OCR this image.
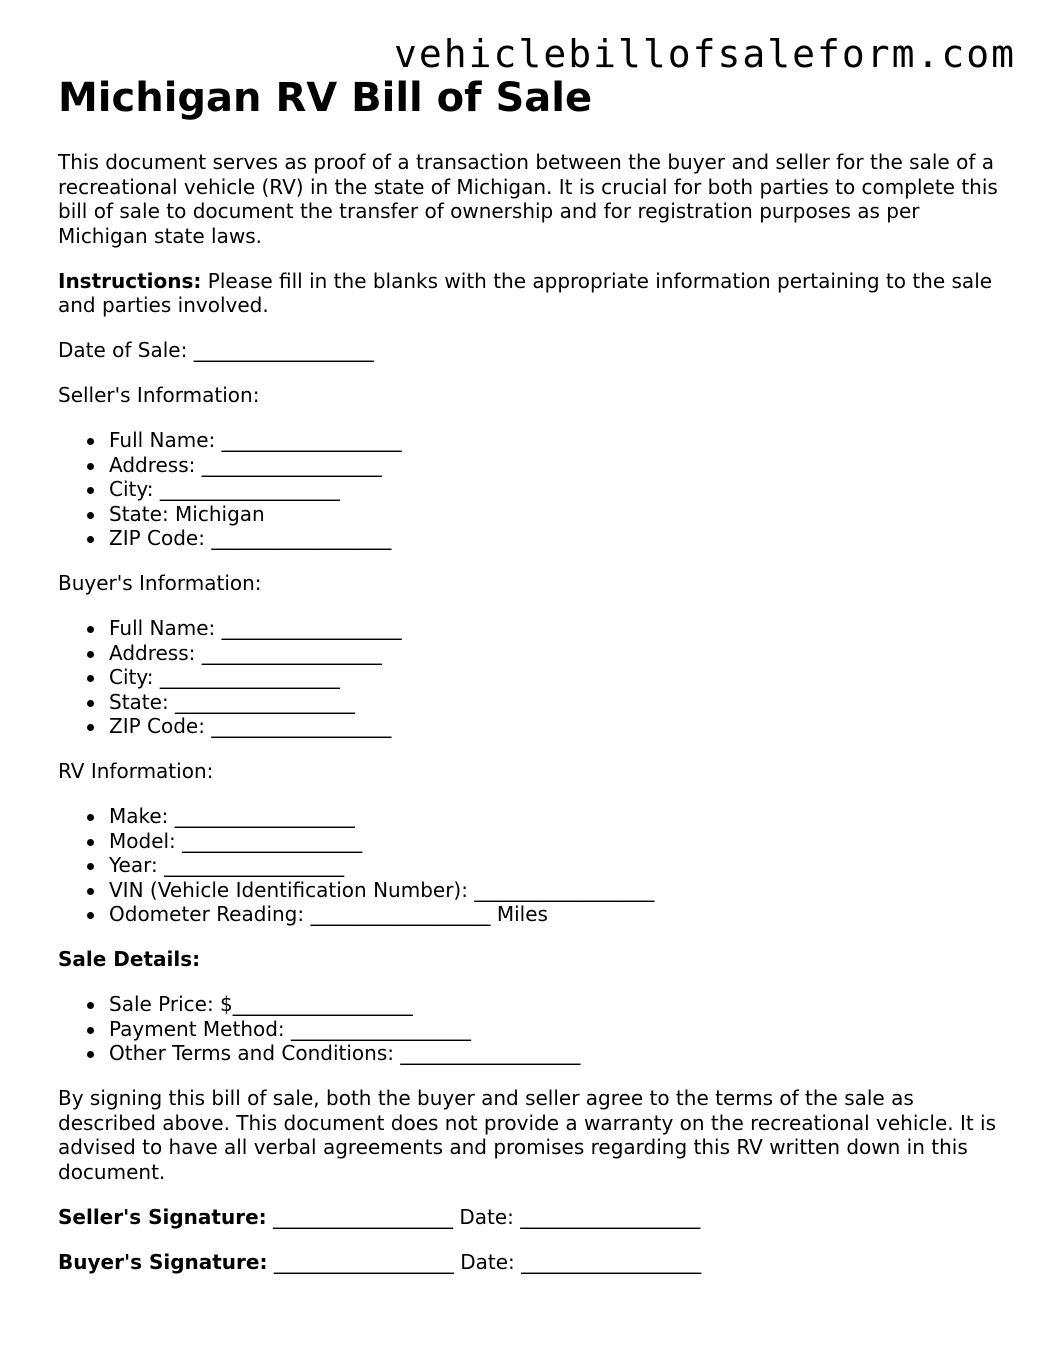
vehiclebillofsaleform.com
Michigan RV Bill of Sale

This document serves as proof of a transaction between the buyer and seller for the sale of a recreational vehicle (RV) in the state of Michigan. It is crucial for both parties to complete this bill of sale to document the transfer of ownership and for registration purposes as per Michigan state laws.

Instructions: Please fill in the blanks with the appropriate information pertaining to the sale and parties involved.

Date of Sale: __________________

Seller's Information:

Full Name: __________________
Address: __________________
City: __________________
State: Michigan
ZIP Code: __________________

Buyer's Information:

Full Name: __________________
Address: __________________
City: __________________
State: __________________
ZIP Code: __________________

RV Information:

Make: __________________
Model: __________________
Year: __________________
VIN (Vehicle Identification Number): __________________
Odometer Reading: __________________ Miles

Sale Details:

Sale Price: $__________________
Payment Method: __________________
Other Terms and Conditions: __________________

By signing this bill of sale, both the buyer and seller agree to the terms of the sale as described above. This document does not provide a warranty on the recreational vehicle. It is advised to have all verbal agreements and promises regarding this RV written down in this document.

Seller's Signature: __________________ Date: __________________

Buyer's Signature: __________________ Date: __________________
